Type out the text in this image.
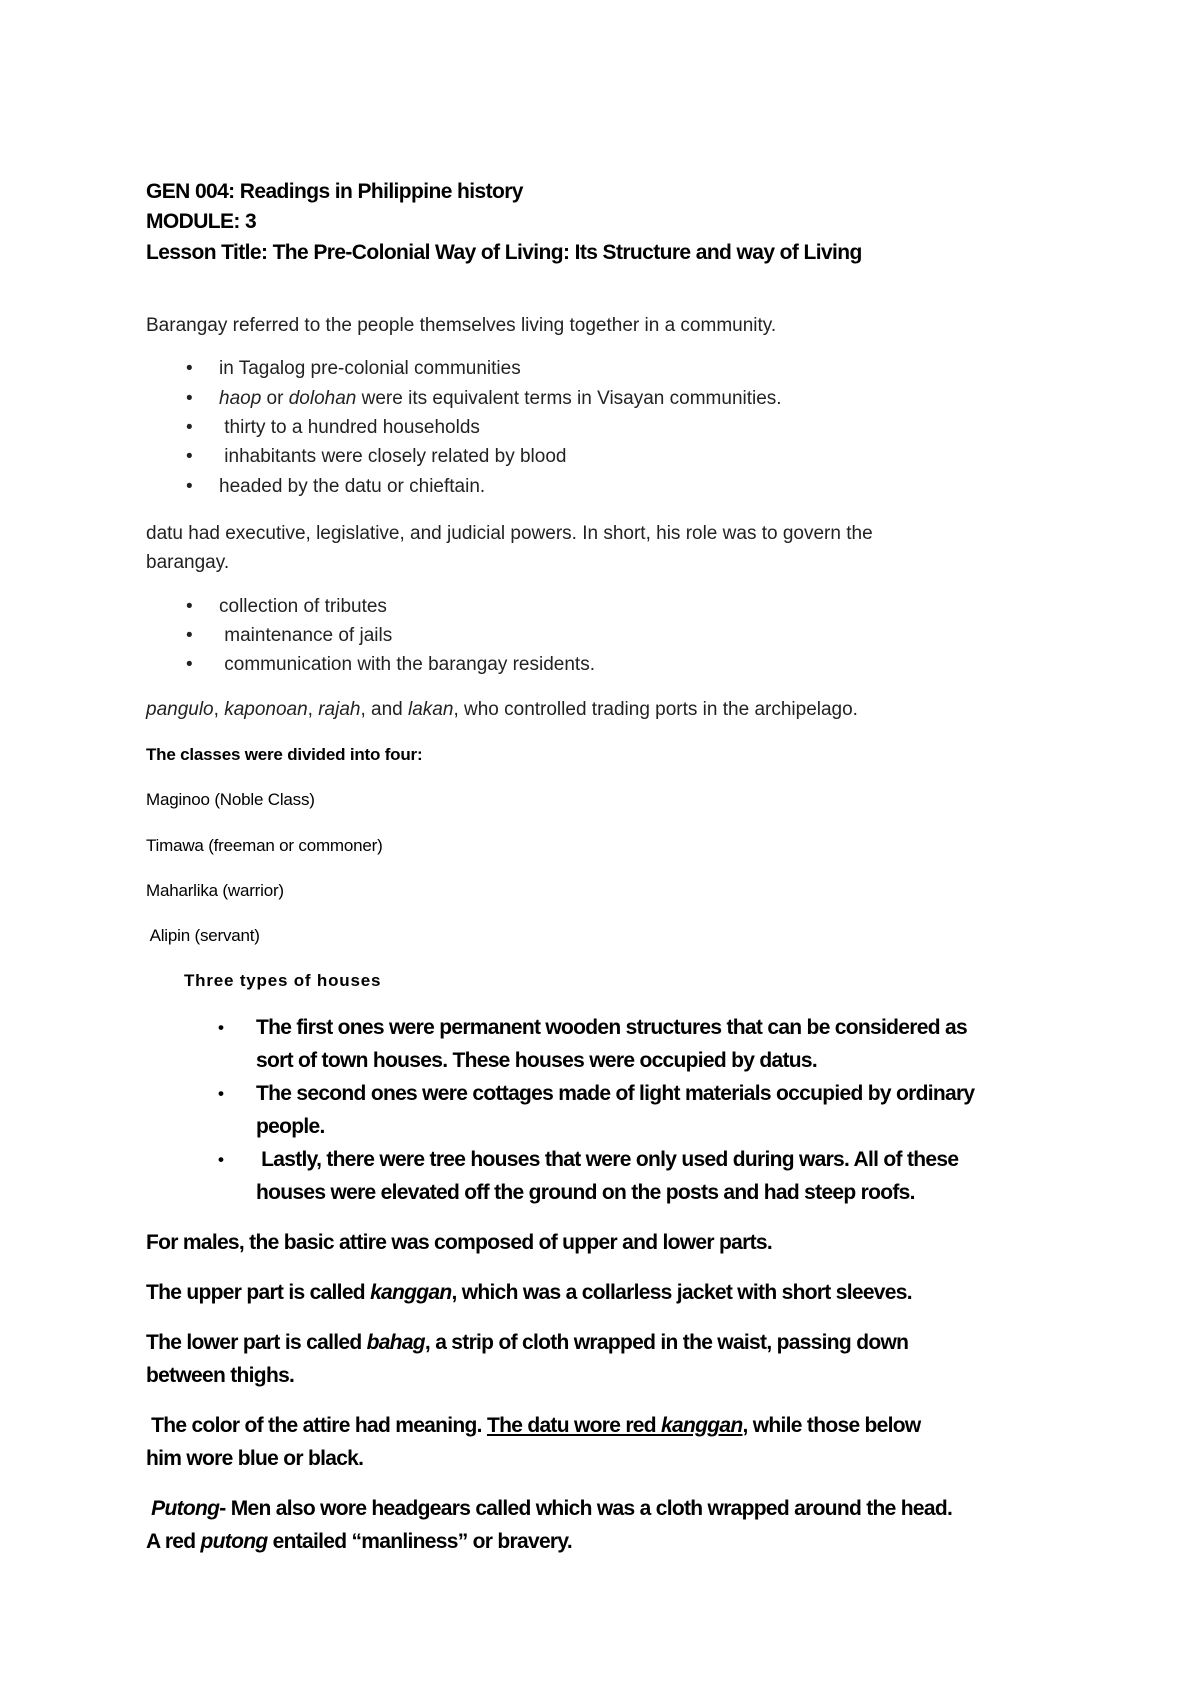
GEN 004: Readings in Philippine history
MODULE: 3
Lesson Title: The Pre-Colonial Way of Living: Its Structure and way of Living
Barangay referred to the people themselves living together in a community.
• in Tagalog pre-colonial communities
• haop or dolohan were its equivalent terms in Visayan communities.
• thirty to a hundred households
• inhabitants were closely related by blood
• headed by the datu or chieftain.
datu had executive, legislative, and judicial powers. In short, his role was to govern the
barangay.
• collection of tributes
• maintenance of jails
• communication with the barangay residents.
pangulo, kaponoan, rajah, and lakan, who controlled trading ports in the archipelago.
The classes were divided into four:
Maginoo (Noble Class)
Timawa (freeman or commoner)
Maharlika (warrior)
Alipin (servant)
Three types of houses
• The first ones were permanent wooden structures that can be considered as
sort of town houses. These houses were occupied by datus.
• The second ones were cottages made of light materials occupied by ordinary
people.
• Lastly, there were tree houses that were only used during wars. All of these
houses were elevated off the ground on the posts and had steep roofs.
For males, the basic attire was composed of upper and lower parts.
The upper part is called kanggan, which was a collarless jacket with short sleeves.
The lower part is called bahag, a strip of cloth wrapped in the waist, passing down
between thighs.
The color of the attire had meaning. The datu wore red kanggan, while those below
him wore blue or black.
Putong- Men also wore headgears called which was a cloth wrapped around the head.
A red putong entailed “manliness” or bravery.
